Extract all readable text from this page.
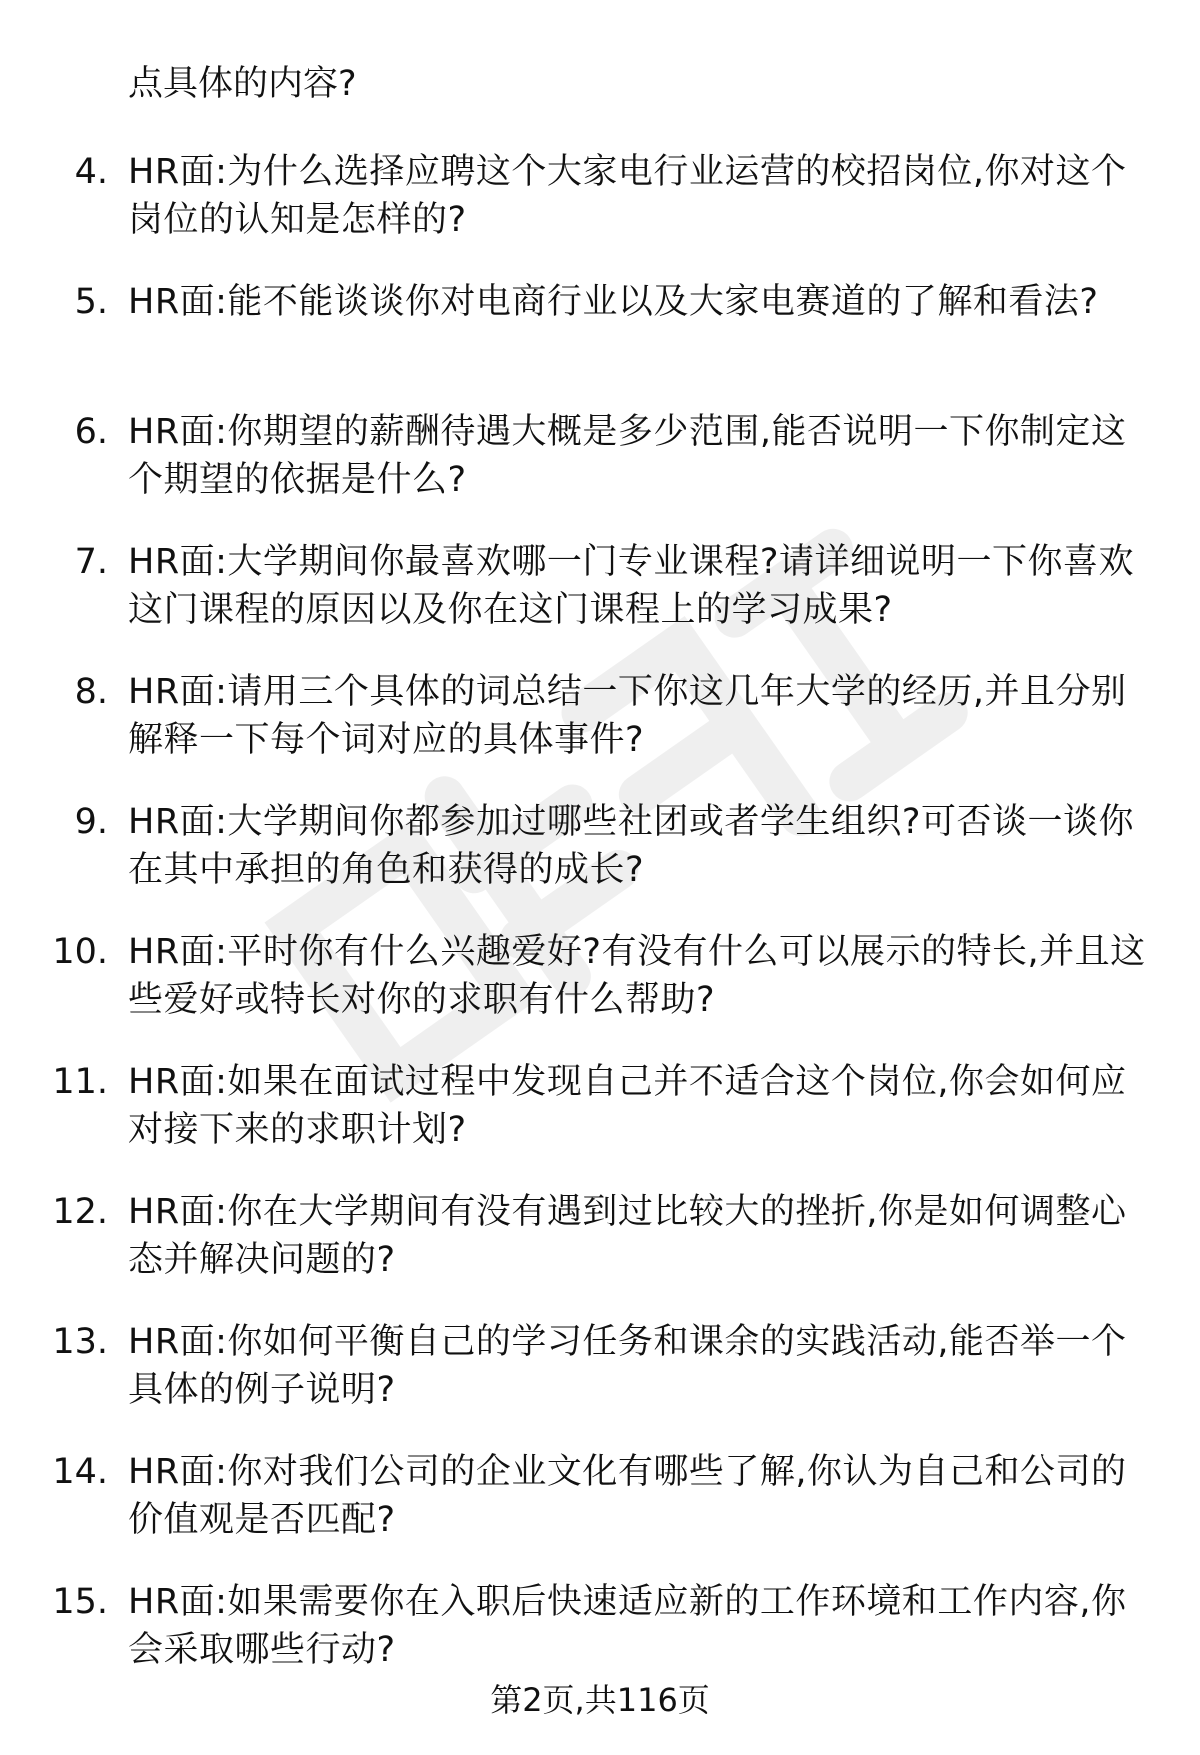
点具体的内容?

4. HR面:为什么选择应聘这个大家电行业运营的校招岗位,你对这个岗位的认知是怎样的?
5. HR面:能不能谈谈你对电商行业以及大家电赛道的了解和看法?
6. HR面:你期望的薪酬待遇大概是多少范围,能否说明一下你制定这个期望的依据是什么?
7. HR面:大学期间你最喜欢哪一门专业课程?请详细说明一下你喜欢这门课程的原因以及你在这门课程上的学习成果?
8. HR面:请用三个具体的词总结一下你这几年大学的经历,并且分别解释一下每个词对应的具体事件?
9. HR面:大学期间你都参加过哪些社团或者学生组织?可否谈一谈你在其中承担的角色和获得的成长?
10. HR面:平时你有什么兴趣爱好?有没有什么可以展示的特长,并且这些爱好或特长对你的求职有什么帮助?
11. HR面:如果在面试过程中发现自己并不适合这个岗位,你会如何应对接下来的求职计划?
12. HR面:你在大学期间有没有遇到过比较大的挫折,你是如何调整心态并解决问题的?
13. HR面:你如何平衡自己的学习任务和课余的实践活动,能否举一个具体的例子说明?
14. HR面:你对我们公司的企业文化有哪些了解,你认为自己和公司的价值观是否匹配?
15. HR面:如果需要你在入职后快速适应新的工作环境和工作内容,你会采取哪些行动?
第2页,共116页
